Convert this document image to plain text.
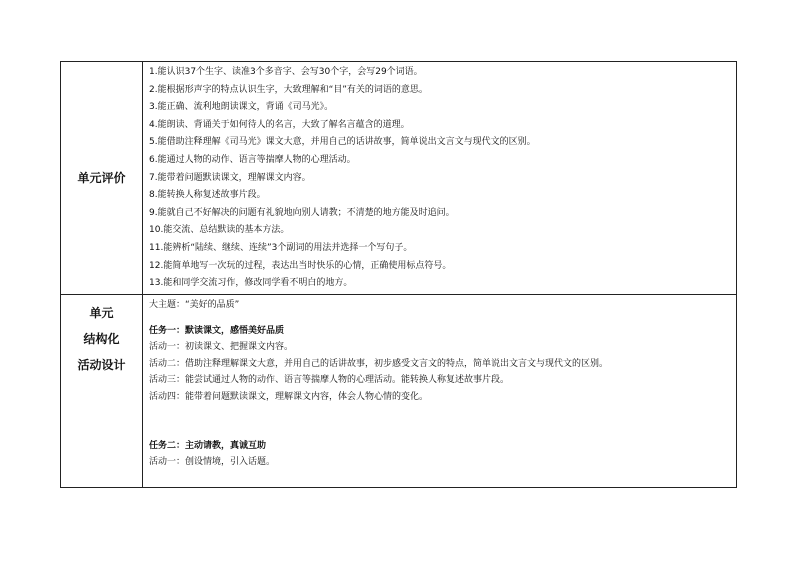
单元评价
1.能认识37个生字、读准3个多音字、会写30个字，会写29个词语。
2.能根据形声字的特点认识生字，大致理解和“目”有关的词语的意思。
3.能正确、流利地朗读课文，背诵《司马光》。
4.能朗读、背诵关于如何待人的名言，大致了解名言蕴含的道理。
5.能借助注释理解《司马光》课文大意，并用自己的话讲故事，简单说出文言文与现代文的区别。
6.能通过人物的动作、语言等揣摩人物的心理活动。
7.能带着问题默读课文，理解课文内容。
8.能转换人称复述故事片段。
9.能就自己不好解决的问题有礼貌地向别人请教；不清楚的地方能及时追问。
10.能交流、总结默读的基本方法。
11.能辨析“陆续、继续、连续”3个副词的用法并选择一个写句子。
12.能简单地写一次玩的过程，表达出当时快乐的心情，正确使用标点符号。
13.能和同学交流习作，修改同学看不明白的地方。
单元
结构化
活动设计
大主题：“美好的品质”
任务一：默读课文，感悟美好品质
活动一：初读课文、把握课文内容。
活动二：借助注释理解课文大意，并用自己的话讲故事，初步感受文言文的特点，简单说出文言文与现代文的区别。
活动三：能尝试通过人物的动作、语言等揣摩人物的心理活动。能转换人称复述故事片段。
活动四：能带着问题默读课文，理解课文内容，体会人物心情的变化。
任务二：主动请教，真诚互助
活动一：创设情境，引入话题。
